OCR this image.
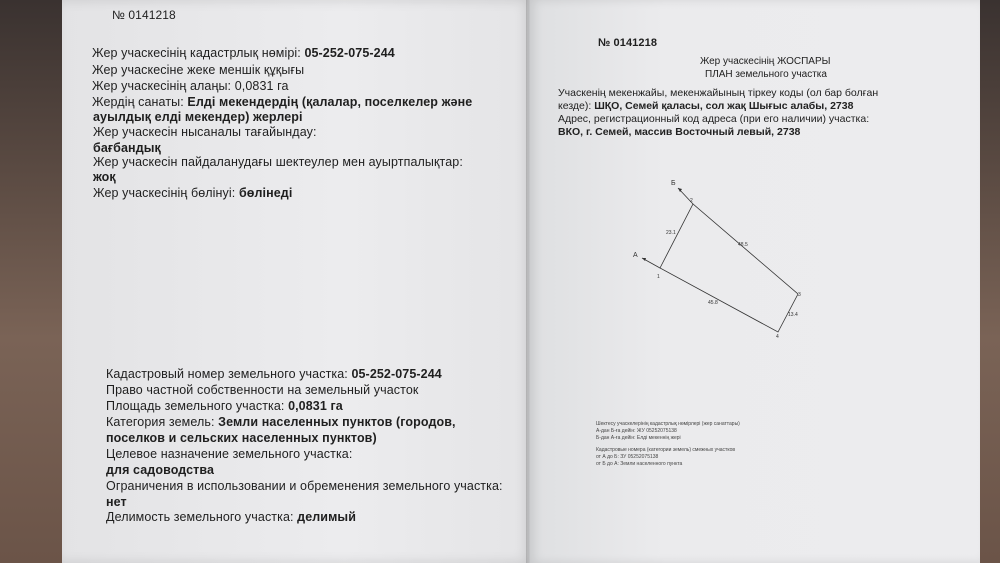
№ 0141218
Жер учаскесінің кадастрлық нөмірі: 05-252-075-244
Жер учаскесіне жеке меншік құқығы
Жер учаскесінің алаңы: 0,0831 га
Жердің санаты: Елді мекендердің (қалалар, поселкелер және
ауылдық елді мекендер) жерлері
Жер учаскесін нысаналы тағайындау:
бағбандық
Жер учаскесін пайдаланудағы шектеулер мен ауыртпалықтар:
жоқ
Жер учаскесінің бөлінуі: бөлінеді
Кадастровый номер земельного участка: 05-252-075-244
Право частной собственности на земельный участок
Площадь земельного участка: 0,0831 га
Категория земель: Земли населенных пунктов (городов,
поселков и сельских населенных пунктов)
Целевое назначение земельного участка:
для садоводства
Ограничения в использовании и обременения земельного участка:
нет
Делимость земельного участка: делимый
№ 0141218
Жер учаскесінің ЖОСПАРЫ
ПЛАН земельного участка
Учаскенің мекенжайы, мекенжайының тіркеу коды (ол бар болған
кезде): ШҚО, Семей қаласы, сол жақ Шығыс алабы, 2738
Адрес, регистрационный код адреса (при его наличии) участка:
ВКО, г. Семей, массив Восточный левый, 2738
Б
А
1
2
3
4
23.1
48.5
13.4
45.8
Шектесу учаскелерінің кадастрлық нөмірлері (жер санаттары)
А-дан Б-ға дейін: ЖУ 05252075138
Б-дан А-ға дейін: Елді мекеннің жері
Кадастровые номера (категории земель) смежных участков
от А до Б: ЗУ 05252075138
от Б до А: Земли населенного пункта
